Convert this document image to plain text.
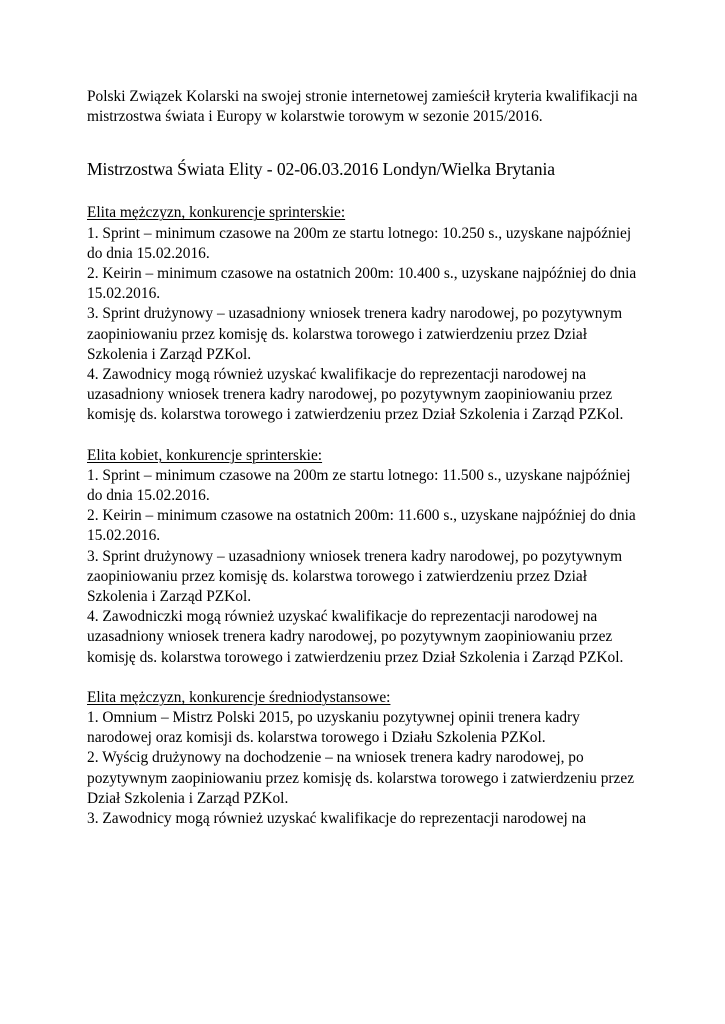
Polski Związek Kolarski na swojej stronie internetowej zamieścił kryteria kwalifikacji na mistrzostwa świata i Europy w kolarstwie torowym w sezonie 2015/2016.

Mistrzostwa Świata Elity - 02-06.03.2016 Londyn/Wielka Brytania
Elita mężczyzn, konkurencje sprinterskie:
1. Sprint – minimum czasowe na 200m ze startu lotnego: 10.250 s., uzyskane najpóźniej do dnia 15.02.2016.
2. Keirin – minimum czasowe na ostatnich 200m: 10.400 s., uzyskane najpóźniej do dnia 15.02.2016.
3. Sprint drużynowy – uzasadniony wniosek trenera kadry narodowej, po pozytywnym zaopiniowaniu przez komisję ds. kolarstwa torowego i zatwierdzeniu przez Dział Szkolenia i Zarząd PZKol.
4. Zawodnicy mogą również uzyskać kwalifikacje do reprezentacji narodowej na uzasadniony wniosek trenera kadry narodowej, po pozytywnym zaopiniowaniu przez komisję ds. kolarstwa torowego i zatwierdzeniu przez Dział Szkolenia i Zarząd PZKol.
Elita kobiet, konkurencje sprinterskie:
1. Sprint – minimum czasowe na 200m ze startu lotnego: 11.500 s., uzyskane najpóźniej do dnia 15.02.2016.
2. Keirin – minimum czasowe na ostatnich 200m: 11.600 s., uzyskane najpóźniej do dnia 15.02.2016.
3. Sprint drużynowy – uzasadniony wniosek trenera kadry narodowej, po pozytywnym zaopiniowaniu przez komisję ds. kolarstwa torowego i zatwierdzeniu przez Dział Szkolenia i Zarząd PZKol.
4. Zawodniczki mogą również uzyskać kwalifikacje do reprezentacji narodowej na uzasadniony wniosek trenera kadry narodowej, po pozytywnym zaopiniowaniu przez komisję ds. kolarstwa torowego i zatwierdzeniu przez Dział Szkolenia i Zarząd PZKol.
Elita mężczyzn, konkurencje średniodystansowe:
1. Omnium – Mistrz Polski 2015, po uzyskaniu pozytywnej opinii trenera kadry narodowej oraz komisji ds. kolarstwa torowego i Działu Szkolenia PZKol.
2. Wyścig drużynowy na dochodzenie – na wniosek trenera kadry narodowej, po pozytywnym zaopiniowaniu przez komisję ds. kolarstwa torowego i zatwierdzeniu przez Dział Szkolenia i Zarząd PZKol.
3. Zawodnicy mogą również uzyskać kwalifikacje do reprezentacji narodowej na
